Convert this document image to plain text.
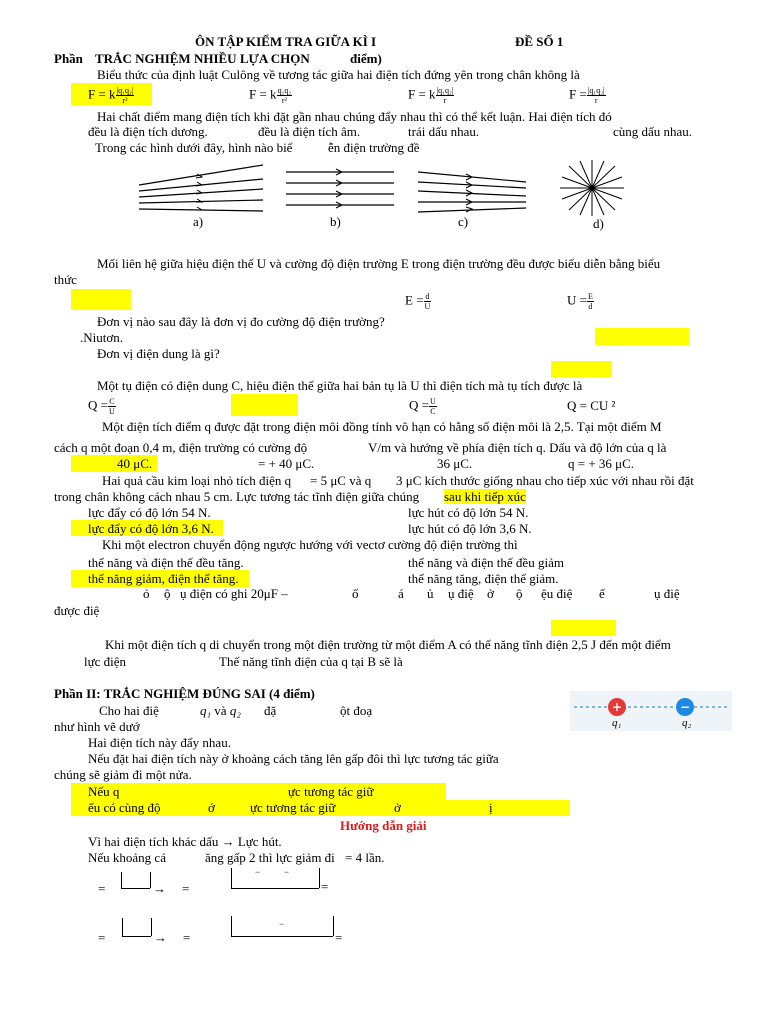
ÔN TẬP KIỂM TRA GIỮA KÌ I	ĐỀ SỐ 1
Phần TRẮC NGHIỆM NHIỀU LỰA CHỌN	điểm)
Biểu thức của định luật Culông về tương tác giữa hai điện tích đứng yên trong chân không là
F = k $\frac{\text{|q₁q₂|}}{\text{r²}}$	F = k $\frac{\text{q₁q₂}}{\text{r²}}$	F = k $\frac{\text{|q₁q₂|}}{r}$	$F = \frac{\text{|q₁q₂|}}{r}$
Hai chất điểm mang điện tích khi đặt gần nhau chúng đẩy nhau thì có thể kết luận. Hai điện tích đó
đều là điện tích dương.	đều là điện tích âm.	trái dấu nhau.	cùng dấu nhau.
Trong các hình dưới đây, hình nào biể	ễn điện trường đề
a)	b)	c)	d)
Mối liên hệ giữa hiệu điện thế U và cường độ điện trường E trong điện trường đều được biểu diễn bằng biểu
thức
$E = \frac{d}{U}$	$U = \frac{E}{d}$
Đơn vị nào sau đây là đơn vị đo cường độ điện trường?
.Niutơn.
Đơn vị điện dung là gì?
Một tụ điện có điện dung C, hiệu điện thế giữa hai bản tụ là U thì điện tích mà tụ tích được là
$Q = \frac{C}{U}$	$Q = \frac{U}{C}$	Q = CU ²
Một điện tích điểm q được đặt trong điện môi đồng tính vô hạn có hằng số điện môi là 2,5. Tại một điểm M
cách q một đoạn 0,4 m, điện trường có cường độ	V/m và hướng về phía điện tích q. Dấu và độ lớn của q là
40 μC.	= + 40 μC.	36 μC.	q = + 36 μC.
Hai quả cầu kim loại nhỏ tích điện q = 5 μC và q 3 μC kích thước giống nhau cho tiếp xúc với nhau rồi đặt
trong chân không cách nhau 5 cm. Lực tương tác tĩnh điện giữa chúng sau khi tiếp xúc
lực đẩy có độ lớn 54 N.	lực hút có độ lớn 54 N.
lực đẩy có độ lớn 3,6 N.	lực hút có độ lớn 3,6 N.
Khi một electron chuyển động ngược hướng với vectơ cường độ điện trường thì
thế năng và điện thế đều tăng.	thế năng và điện thế đều giảm
thế năng giảm, điện thế tăng.	thế năng tăng, điện thế giảm.
ỏ ộ ụ điện có ghi 20μF –	ố	á ủ ụ điệ ở ộ ệu điệ ế	ụ điệ
được điệ
Khi một điện tích q di chuyển trong một điện trường từ một điểm A có thế năng tĩnh điện 2,5 J đến một điểm
lực điện	Thế năng tĩnh điện của q tại B sẽ là
Phần II: TRẮC NGHIỆM ĐÚNG SAI (4 điểm)
Cho hai điệ	q₁ và q₂ đặ	ột đoạ
như hình vẽ dướ
Hai điện tích này đẩy nhau.
Nếu đặt hai điện tích này ở khoảng cách tăng lên gấp đôi thì lực tương tác giữa
chúng sẽ giảm đi một nửa.
Nếu q	ực tương tác giữ
ếu có cùng độ	ớ	ực tương tác giữ	ở	ị
Hướng dẫn giải
Vì hai điện tích khác dấu → Lực hút.
Nếu khoảng cá	ăng gấp 2 thì lực giảm đi = 4 lần.
=	→ =
−	−
=
=	→ =
−
=
+	−
q₁	q₂
